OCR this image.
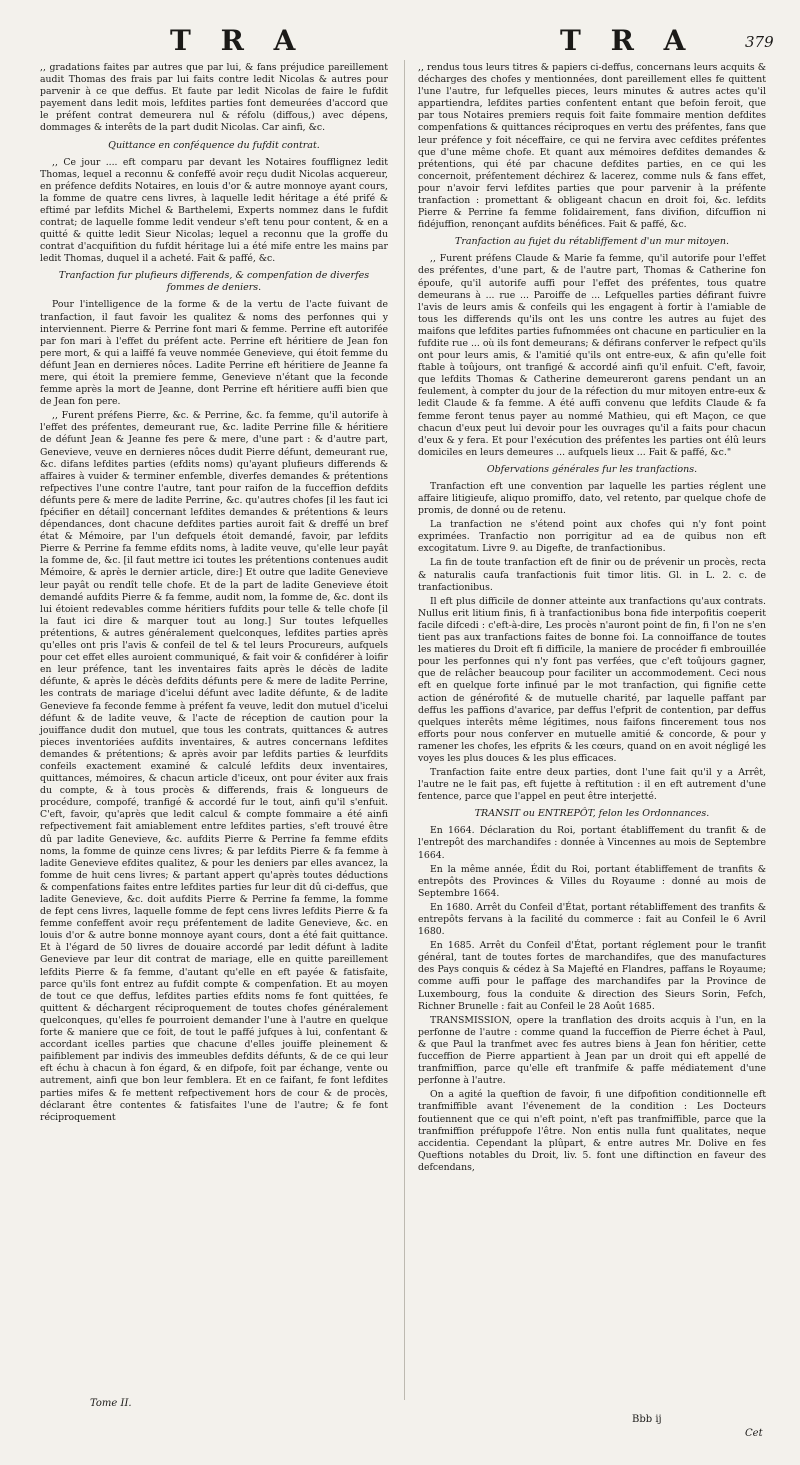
T R A	T R A	379

,, gradations faites par autres que par lui, & fans préjudice pareillement audit Thomas des frais par lui faits contre ledit Nicolas & autres pour parvenir à ce que deffus. Et faute par ledit Nicolas de faire le fufdit payement dans ledit mois, lefdites parties font demeurées d'accord que le préfent contrat demeurera nul & réfolu (diffous,) avec dépens, dommages & interêts de la part dudit Nicolas. Car ainfi, &c.

Quittance en conféquence du fufdit contrat.

,, Ce jour .... eft comparu par devant les Notaires foufflignez ledit Thomas, lequel a reconnu & confeffé avoir reçu dudit Nicolas acquereur, en préfence defdits Notaires, en louis d'or & autre monnoye ayant cours, la fomme de quatre cens livres, à laquelle ledit héritage a été prifé & eftimé par lefdits Michel & Barthelemi, Experts nommez dans le fufdit contrat; de laquelle fomme ledit vendeur s'eft tenu pour content, & en a quitté & quitte ledit Sieur Nicolas; lequel a reconnu que la groffe du contrat d'acquifition du fufdit héritage lui a été mife entre les mains par ledit Thomas, duquel il a acheté. Fait & paffé, &c.

Tranfaction fur plufieurs differends, & compenfation de diverfes fommes de deniers.

Pour l'intelligence de la forme & de la vertu de l'acte fuivant de tranfaction, il faut favoir les qualitez & noms des perfonnes qui y interviennent. Pierre & Perrine font mari & femme. Perrine eft autorifée par fon mari à l'effet du préfent acte. Perrine eft héritiere de Jean fon pere mort, & qui a laiffé fa veuve nommée Genevieve, qui étoit femme du défunt Jean en dernieres nôces. Ladite Perrine eft héritiere de Jeanne fa mere, qui étoit la premiere femme, Genevieve n'étant que la feconde femme après la mort de Jeanne, dont Perrine eft héritiere auffi bien que de Jean fon pere.

,, Furent préfens Pierre, &c. & Perrine, &c. fa femme, qu'il autorife à l'effet des préfentes, demeurant rue, &c. ladite Perrine fille & héritiere de défunt Jean & Jeanne fes pere & mere, d'une part : & d'autre part, Genevieve, veuve en dernieres nôces dudit Pierre défunt, demeurant rue, &c. difans lefdites parties (efdits noms) qu'ayant plufieurs differends & affaires à vuider & terminer enfemble, diverfes demandes & prétentions refpectives l'une contre l'autre, tant pour raifon de la fucceffion defdits défunts pere & mere de ladite Perrine, &c. qu'autres chofes [il les faut ici fpécifier en détail] concernant lefdites demandes & prétentions & leurs dépendances, dont chacune defdites parties auroit fait & dreffé un bref état & Mémoire, par l'un defquels étoit demandé, favoir, par lefdits Pierre & Perrine fa femme efdits noms, à ladite veuve, qu'elle leur payât la fomme de, &c. [il faut mettre ici toutes les prétentions contenues audit Mémoire, & après le dernier article, dire:] Et outre que ladite Genevieve leur payât ou rendît telle chofe. Et de la part de ladite Genevieve étoit demandé aufdits Pierre & fa femme, audit nom, la fomme de, &c. dont ils lui étoient redevables comme héritiers fufdits pour telle & telle chofe [il la faut ici dire & marquer tout au long.] Sur toutes lefquelles prétentions, & autres généralement quelconques, lefdites parties après qu'elles ont pris l'avis & confeil de tel & tel leurs Procureurs, aufquels pour cet effet elles auroient communiqué, & fait voir & confidérer à loifir en leur préfence, tant les inventaires faits après le décès de ladite défunte, & après le décès defdits défunts pere & mere de ladite Perrine, les contrats de mariage d'icelui défunt avec ladite défunte, & de ladite Genevieve fa feconde femme à préfent fa veuve, ledit don mutuel d'icelui défunt & de ladite veuve, & l'acte de réception de caution pour la jouiffance dudit don mutuel, que tous les contrats, quittances & autres pieces inventoriées aufdits inventaires, & autres concernans lefdites demandes & prétentions; & après avoir par lefdits parties & leurfdits confeils exactement examiné & calculé lefdits deux inventaires, quittances, mémoires, & chacun article d'iceux, ont pour éviter aux frais du compte, & à tous procès & differends, frais & longueurs de procédure, compofé, tranfigé & accordé fur le tout, ainfi qu'il s'enfuit. C'eft, favoir, qu'après que ledit calcul & compte fommaire a été ainfi refpectivement fait amiablement entre lefdites parties, s'eft trouvé être dû par ladite Genevieve, &c. aufdits Pierre & Perrine fa femme efdits noms, la fomme de quinze cens livres; & par lefdits Pierre & fa femme à ladite Genevieve efdites qualitez, & pour les deniers par elles avancez, la fomme de huit cens livres; & partant appert qu'après toutes déductions & compenfations faites entre lefdites parties fur leur dit dû ci-deffus, que ladite Genevieve, &c. doit aufdits Pierre & Perrine fa femme, la fomme de fept cens livres, laquelle fomme de fept cens livres lefdits Pierre & fa femme confeffent avoir reçu préfentement de ladite Genevieve, &c. en louis d'or & autre bonne monnoye ayant cours, dont a été fait quittance. Et à l'égard de 50 livres de douaire accordé par ledit défunt à ladite Genevieve par leur dit contrat de mariage, elle en quitte pareillement lefdits Pierre & fa femme, d'autant qu'elle en eft payée & fatisfaite, parce qu'ils font entrez au fufdit compte & compenfation. Et au moyen de tout ce que deffus, lefdites parties efdits noms fe font quittées, fe quittent & déchargent réciproquement de toutes chofes généralement quelconques, qu'elles fe pourroient demander l'une à l'autre en quelque forte & maniere que ce foit, de tout le paffé jufques à lui, confentant & accordant icelles parties que chacune d'elles jouiffe pleinement & paifiblement par indivis des immeubles defdits défunts, & de ce qui leur eft échu à chacun à fon égard, & en difpofe, foit par échange, vente ou autrement, ainfi que bon leur femblera. Et en ce faifant, fe font lefdites parties mifes & fe mettent refpectivement hors de cour & de procès, déclarant être contentes & fatisfaites l'une de l'autre; & fe font réciproquement

,, rendus tous leurs titres & papiers ci-deffus, concernans leurs acquits & décharges des chofes y mentionnées, dont pareillement elles fe quittent l'une l'autre, fur lefquelles pieces, leurs minutes & autres actes qu'il appartiendra, lefdites parties confentent entant que befoin feroit, que par tous Notaires premiers requis foit faite fommaire mention defdites compenfations & quittances réciproques en vertu des préfentes, fans que leur préfence y foit néceffaire, ce qui ne fervira avec cefdites préfentes que d'une même chofe. Et quant aux mémoires defdites demandes & prétentions, qui été par chacune defdites parties, en ce qui les concernoit, préfentement déchirez & lacerez, comme nuls & fans effet, pour n'avoir fervi lefdites parties que pour parvenir à la préfente tranfaction : promettant & obligeant chacun en droit foi, &c. lefdits Pierre & Perrine fa femme folidairement, fans divifion, difcuffion ni fidéjuffion, renonçant aufdits bénéfices. Fait & paffé, &c.

Tranfaction au fujet du rétabliffement d'un mur mitoyen.

,, Furent préfens Claude & Marie fa femme, qu'il autorife pour l'effet des préfentes, d'une part, & de l'autre part, Thomas & Catherine fon époufe, qu'il autorife auffi pour l'effet des préfentes, tous quatre demeurans à ... rue ... Paroiffe de ... Lefquelles parties défirant fuivre l'avis de leurs amis & confeils qui les engagent à fortir à l'amiable de tous les differends qu'ils ont les uns contre les autres au fujet des maifons que lefdites parties fufnommées ont chacune en particulier en la fufdite rue ... où ils font demeurans; & défirans conferver le refpect qu'ils ont pour leurs amis, & l'amitié qu'ils ont entre-eux, & afin qu'elle foit ftable à toûjours, ont tranfigé & accordé ainfi qu'il enfuit. C'eft, favoir, que lefdits Thomas & Catherine demeureront garens pendant un an feulement, à compter du jour de la réfection du mur mitoyen entre-eux & ledit Claude & fa femme. A été auffi convenu que lefdits Claude & fa femme feront tenus payer au nommé Mathieu, qui eft Maçon, ce que chacun d'eux peut lui devoir pour les ouvrages qu'il a faits pour chacun d'eux & y fera. Et pour l'exécution des préfentes les parties ont élû leurs domiciles en leurs demeures ... aufquels lieux ... Fait & paffé, &c."

Obfervations générales fur les tranfactions.

Tranfaction eft une convention par laquelle les parties réglent une affaire litigieufe, aliquo promiffo, dato, vel retento, par quelque chofe de promis, de donné ou de retenu.

La tranfaction ne s'étend point aux chofes qui n'y font point exprimées. Tranfactio non porrigitur ad ea de quibus non eft excogitatum. Livre 9. au Digefte, de tranfactionibus.

La fin de toute tranfaction eft de finir ou de prévenir un procès, recta & naturalis caufa tranfactionis fuit timor litis. Gl. in L. 2. c. de tranfactionibus.

Il eft plus difficile de donner atteinte aux tranfactions qu'aux contrats. Nullus erit litium finis, fi à tranfactionibus bona fide interpofitis coeperit facile difcedi : c'eft-à-dire, Les procès n'auront point de fin, fi l'on ne s'en tient pas aux tranfactions faites de bonne foi. La connoiffance de toutes les matieres du Droit eft fi difficile, la maniere de procéder fi embrouillée pour les perfonnes qui n'y font pas verfées, que c'eft toûjours gagner, que de relâcher beaucoup pour faciliter un accommodement. Ceci nous eft en quelque forte infinué par le mot tranfaction, qui fignifie cette action de générofité & de mutuelle charité, par laquelle paffant par deffus les paffions d'avarice, par deffus l'efprit de contention, par deffus quelques interêts même légitimes, nous faifons fincerement tous nos efforts pour nous conferver en mutuelle amitié & concorde, & pour y ramener les chofes, les efprits & les cœurs, quand on en avoit négligé les voyes les plus douces & les plus efficaces.

Tranfaction faite entre deux parties, dont l'une fait qu'il y a Arrêt, l'autre ne le fait pas, eft fujette à reftitution : il en eft autrement d'une fentence, parce que l'appel en peut être interjetté.

TRANSIT ou ENTREPÔT, felon les Ordonnances.

En 1664. Déclaration du Roi, portant établiffement du tranfit & de l'entrepôt des marchandifes : donnée à Vincennes au mois de Septembre 1664.

En la même année, Édit du Roi, portant établiffement de tranfits & entrepôts des Provinces & Villes du Royaume : donné au mois de Septembre 1664.

En 1680. Arrêt du Confeil d'État, portant rétabliffement des tranfits & entrepôts fervans à la facilité du commerce : fait au Confeil le 6 Avril 1680.

En 1685. Arrêt du Confeil d'État, portant réglement pour le tranfit général, tant de toutes fortes de marchandifes, que des manufactures des Pays conquis & cédez à Sa Majefté en Flandres, paffans le Royaume; comme auffi pour le paffage des marchandifes par la Province de Luxembourg, fous la conduite & direction des Sieurs Sorin, Fefch, Richner Brunelle : fait au Confeil le 28 Août 1685.

TRANSMISSION, opere la tranflation des droits acquis à l'un, en la perfonne de l'autre : comme quand la fucceffion de Pierre échet à Paul, & que Paul la tranfmet avec fes autres biens à Jean fon héritier, cette fucceffion de Pierre appartient à Jean par un droit qui eft appellé de tranfmiffion, parce qu'elle eft tranfmife & paffe médiatement d'une perfonne à l'autre.

On a agité la queftion de favoir, fi une difpofition conditionnelle eft tranfmiffible avant l'évenement de la condition : Les Docteurs foutiennent que ce qui n'eft point, n'eft pas tranfmiffible, parce que la tranfmiffion préfuppofe l'être. Non entis nulla funt qualitates, neque accidentia. Cependant la plûpart, & entre autres Mr. Dolive en fes Queftions notables du Droit, liv. 5. font une diftinction en faveur des defcendans,

Tome II.
Bbb ij
Cet
